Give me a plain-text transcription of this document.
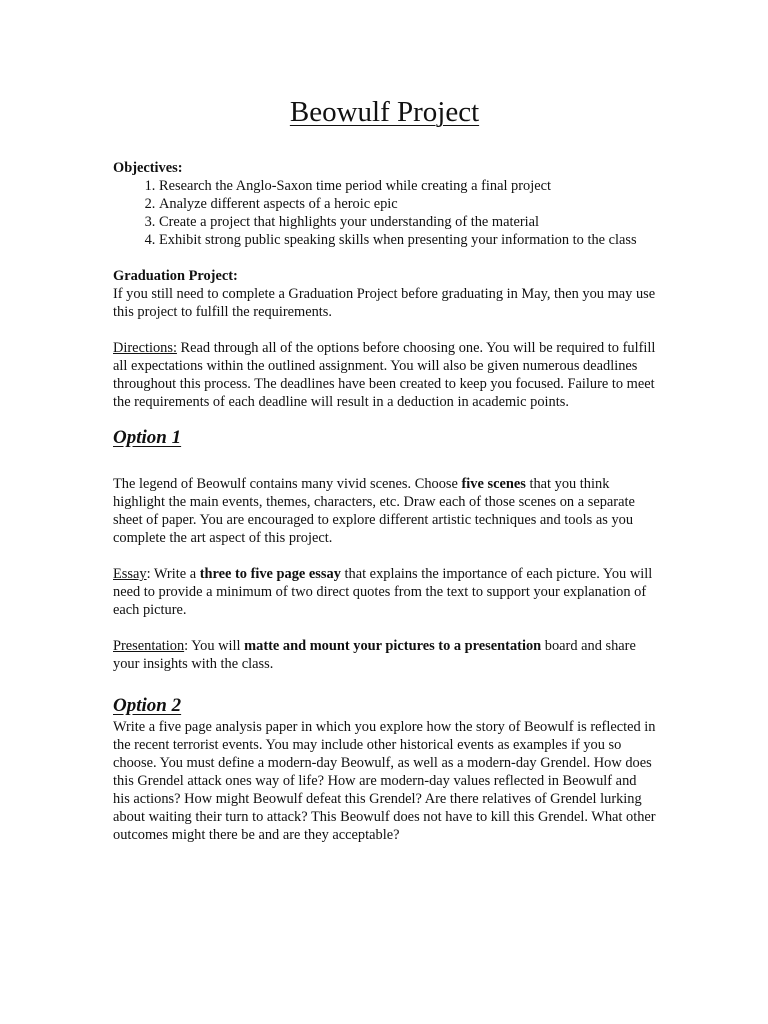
Beowulf Project
Objectives:
1. Research the Anglo-Saxon time period while creating a final project
2. Analyze different aspects of a heroic epic
3. Create a project that highlights your understanding of the material
4. Exhibit strong public speaking skills when presenting your information to the class
Graduation Project:

If you still need to complete a Graduation Project before graduating in May, then you may use this project to fulfill the requirements.

Directions: Read through all of the options before choosing one. You will be required to fulfill all expectations within the outlined assignment. You will also be given numerous deadlines throughout this process. The deadlines have been created to keep you focused. Failure to meet the requirements of each deadline will result in a deduction in academic points.

Option 1

The legend of Beowulf contains many vivid scenes. Choose five scenes that you think highlight the main events, themes, characters, etc. Draw each of those scenes on a separate sheet of paper. You are encouraged to explore different artistic techniques and tools as you complete the art aspect of this project.

Essay: Write a three to five page essay that explains the importance of each picture. You will need to provide a minimum of two direct quotes from the text to support your explanation of each picture.

Presentation: You will matte and mount your pictures to a presentation board and share your insights with the class.

Option 2

Write a five page analysis paper in which you explore how the story of Beowulf is reflected in the recent terrorist events. You may include other historical events as examples if you so choose. You must define a modern-day Beowulf, as well as a modern-day Grendel. How does this Grendel attack ones way of life? How are modern-day values reflected in Beowulf and his actions? How might Beowulf defeat this Grendel? Are there relatives of Grendel lurking about waiting their turn to attack? This Beowulf does not have to kill this Grendel. What other outcomes might there be and are they acceptable?
